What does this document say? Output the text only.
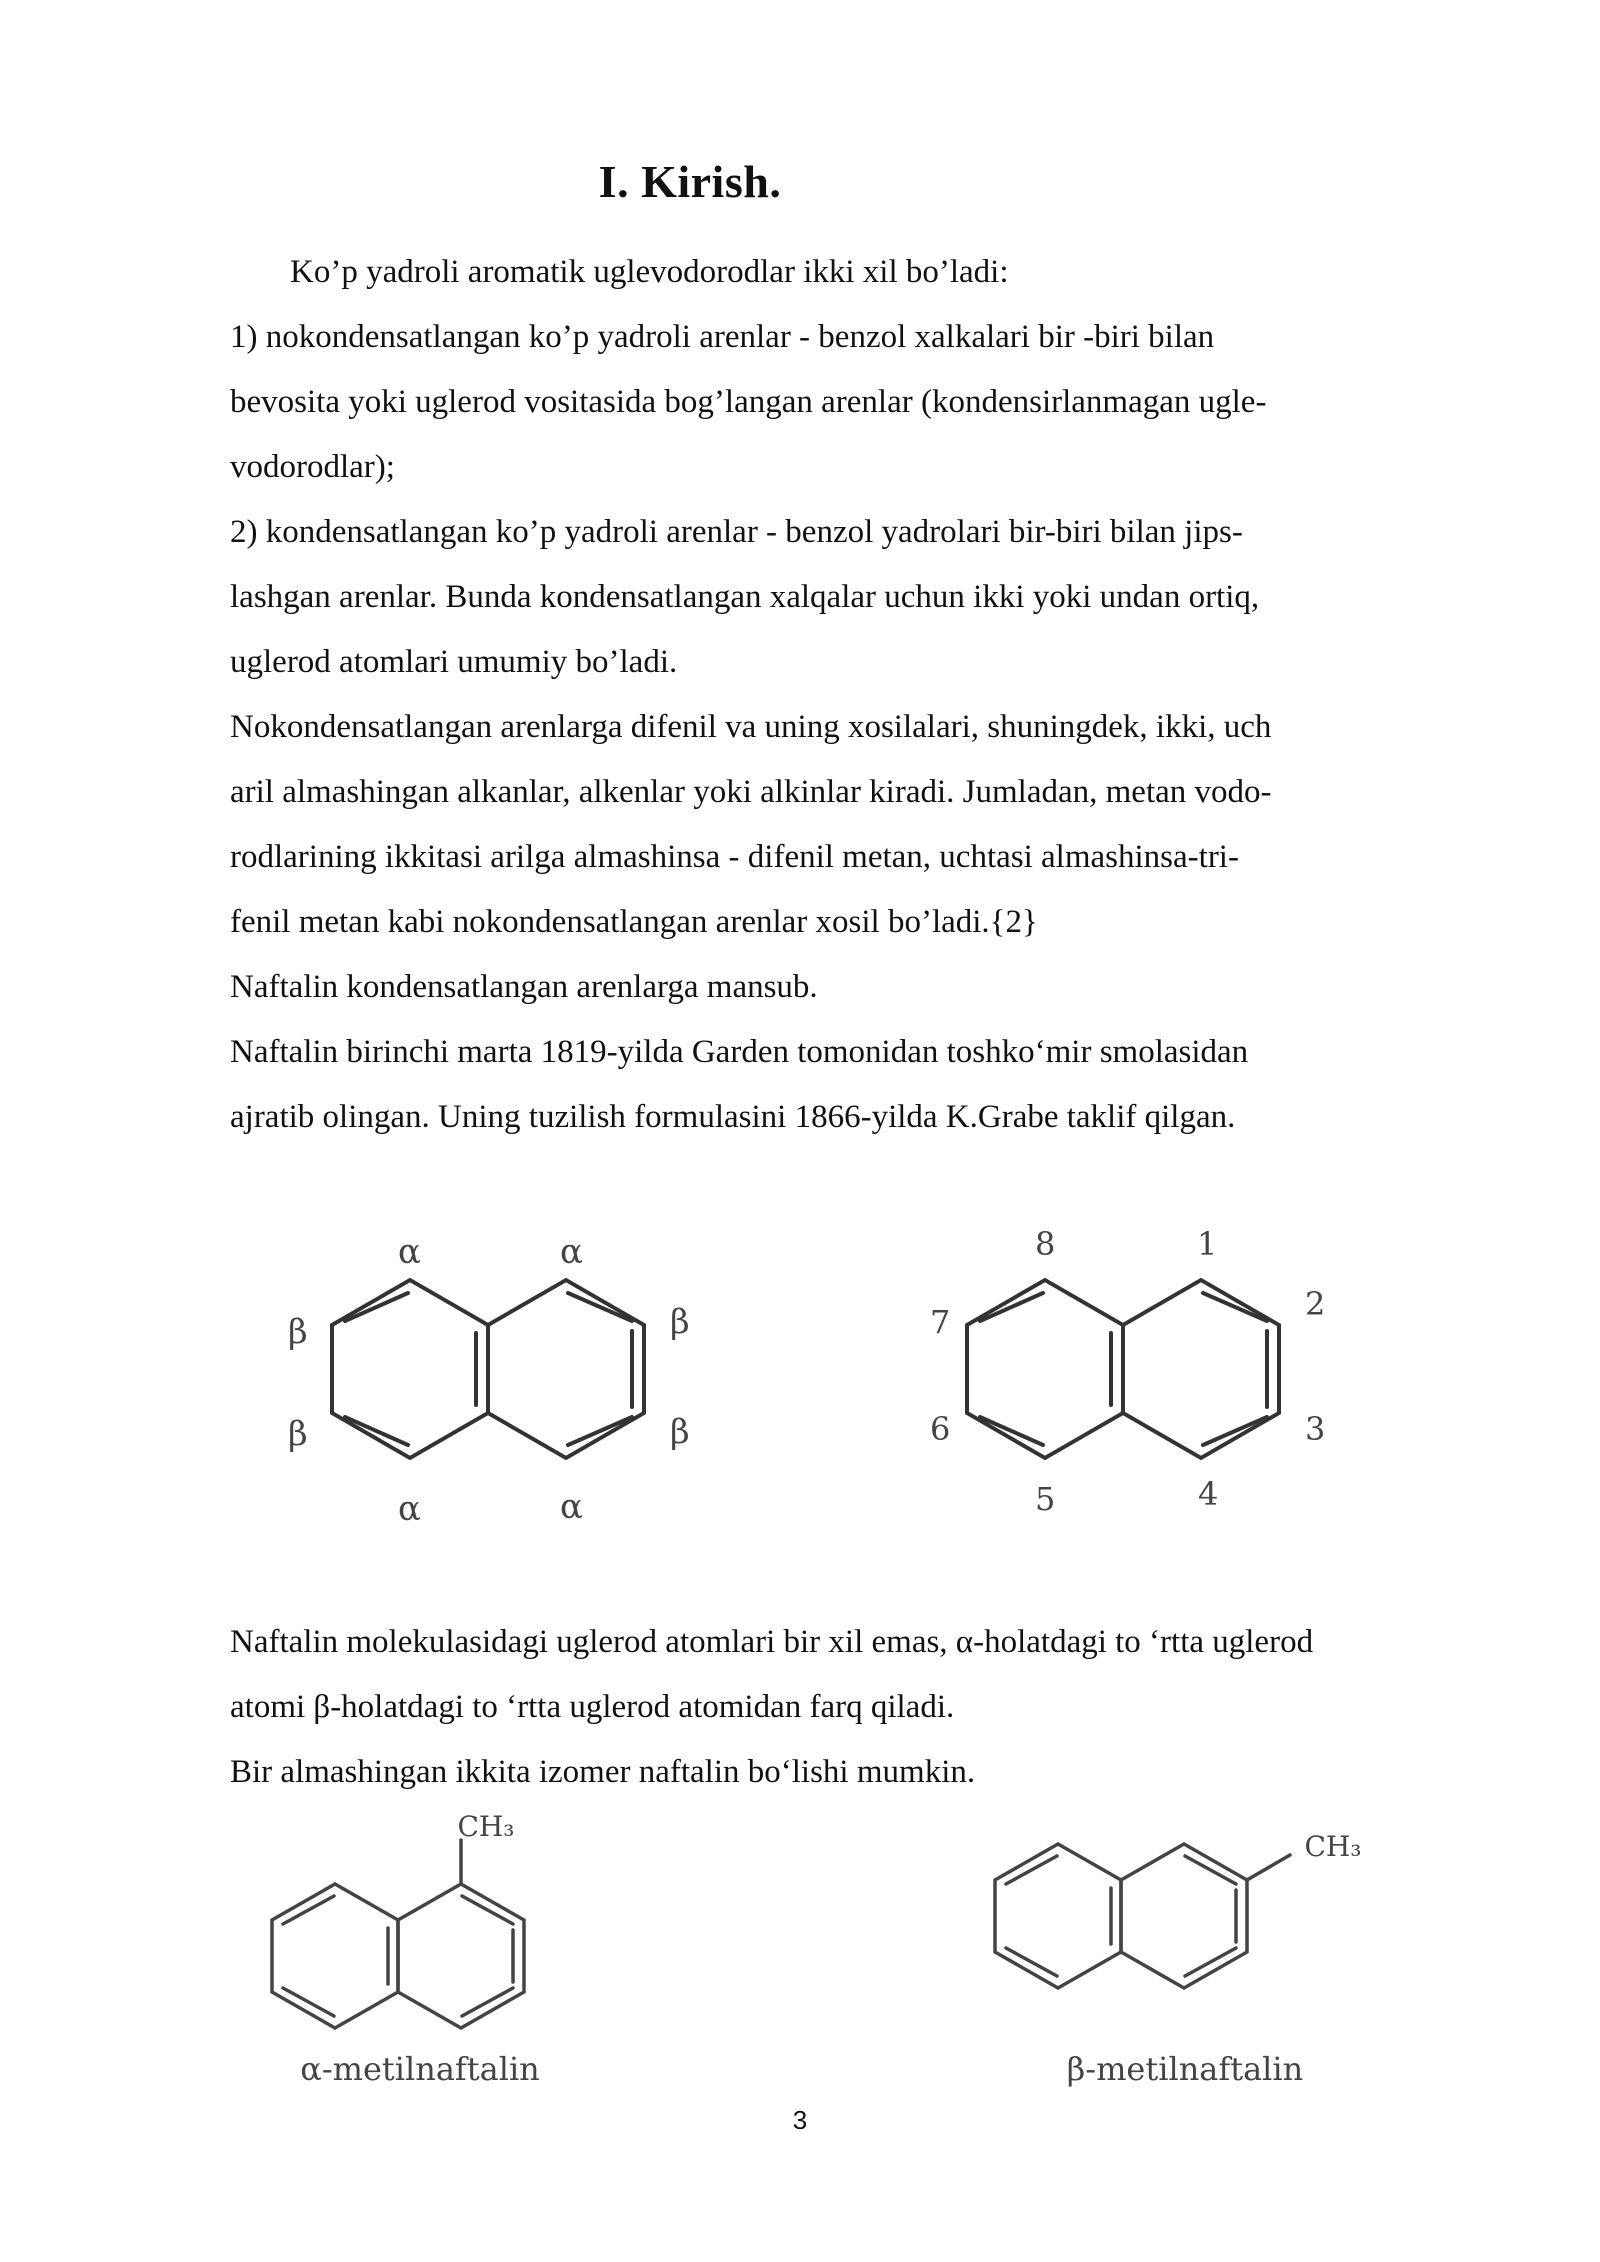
I. Kirish.
Ko’p yadroli aromatik uglevodorodlar ikki xil bo’ladi:
1) nokondensatlangan ko’p yadroli arenlar - benzol xalkalari bir -biri bilan
bevosita yoki uglerod vositasida bog’langan arenlar (kondensirlanmagan ugle-
vodorodlar);
2) kondensatlangan ko’p yadroli arenlar - benzol yadrolari bir-biri bilan jips-
lashgan arenlar. Bunda kondensatlangan xalqalar uchun ikki yoki undan ortiq,
uglerod atomlari umumiy bo’ladi.
Nokondensatlangan arenlarga difenil va uning xosilalari, shuningdek, ikki, uch
aril almashingan alkanlar, alkenlar yoki alkinlar kiradi. Jumladan, metan vodo-
rodlarining ikkitasi arilga almashinsa - difenil metan, uchtasi almashinsa-tri-
fenil metan kabi nokondensatlangan arenlar xosil bo’ladi.{2}
Naftalin kondensatlangan arenlarga mansub.
Naftalin birinchi marta 1819-yilda Garden tomonidan toshko‘mir smolasidan
ajratib olingan. Uning tuzilish formulasini 1866-yilda K.Grabe taklif qilgan.
α	α
β	β
β	β
α	α
1
2
3
4
5
6
7
8
Naftalin molekulasidagi uglerod atomlari bir xil emas, α-holatdagi to ‘rtta uglerod
atomi β-holatdagi to ‘rtta uglerod atomidan farq qiladi.
Bir almashingan ikkita izomer naftalin bo‘lishi mumkin.
CH₃
α-metilnaftalin
CH₃
β-metilnaftalin
3
